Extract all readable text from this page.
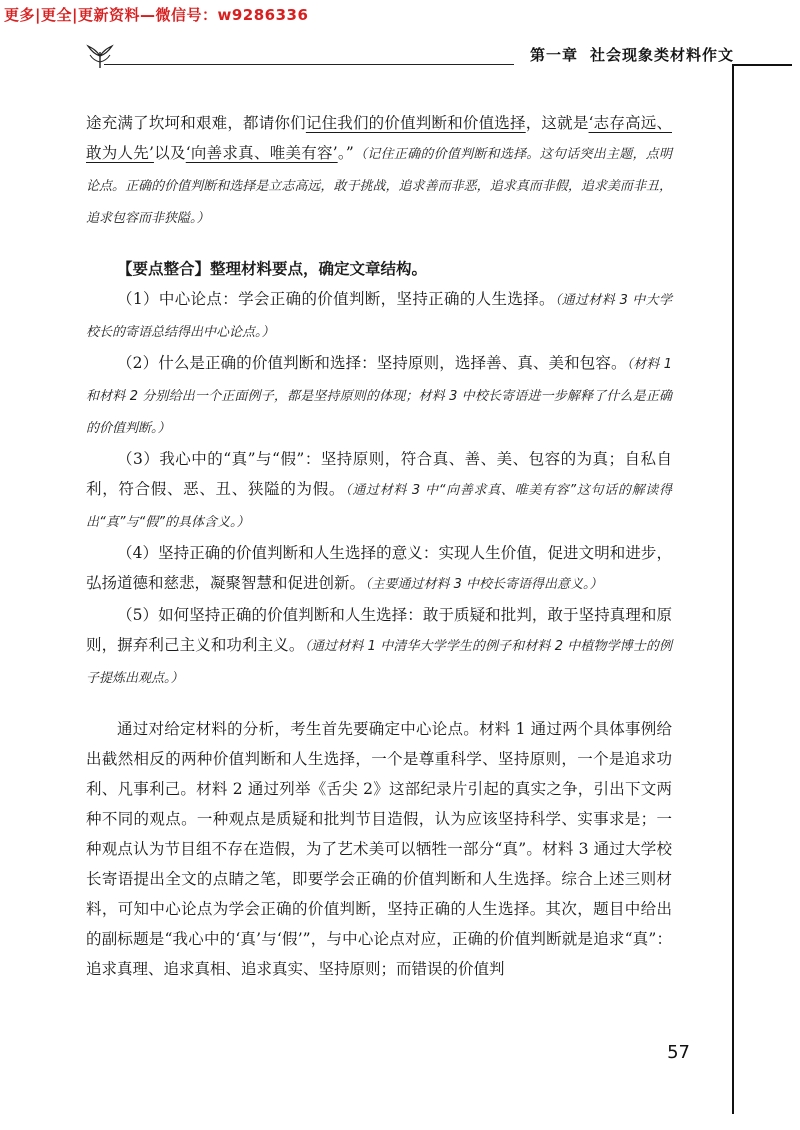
更多|更全|更新资料—微信号：w9286336
第一章 社会现象类材料作文

途充满了坎坷和艰难，都请你们记住我们的价值判断和价值选择，这就是‘志存高远、敢为人先’以及‘向善求真、唯美有容’。”（记住正确的价值判断和选择。这句话突出主题，点明论点。正确的价值判断和选择是立志高远，敢于挑战，追求善而非恶，追求真而非假，追求美而非丑，追求包容而非狭隘。）

【要点整合】整理材料要点，确定文章结构。

（1）中心论点：学会正确的价值判断，坚持正确的人生选择。（通过材料 3 中大学校长的寄语总结得出中心论点。）

（2）什么是正确的价值判断和选择：坚持原则，选择善、真、美和包容。（材料 1 和材料 2 分别给出一个正面例子，都是坚持原则的体现；材料 3 中校长寄语进一步解释了什么是正确的价值判断。）

（3）我心中的“真”与“假”：坚持原则，符合真、善、美、包容的为真；自私自利，符合假、恶、丑、狭隘的为假。（通过材料 3 中“向善求真、唯美有容”这句话的解读得出“真”与“假”的具体含义。）

（4）坚持正确的价值判断和人生选择的意义：实现人生价值，促进文明和进步，弘扬道德和慈悲，凝聚智慧和促进创新。（主要通过材料 3 中校长寄语得出意义。）

（5）如何坚持正确的价值判断和人生选择：敢于质疑和批判，敢于坚持真理和原则，摒弃利己主义和功利主义。（通过材料 1 中清华大学学生的例子和材料 2 中植物学博士的例子提炼出观点。）

通过对给定材料的分析，考生首先要确定中心论点。材料 1 通过两个具体事例给出截然相反的两种价值判断和人生选择，一个是尊重科学、坚持原则，一个是追求功利、凡事利己。材料 2 通过列举《舌尖 2》这部纪录片引起的真实之争，引出下文两种不同的观点。一种观点是质疑和批判节目造假，认为应该坚持科学、实事求是；一种观点认为节目组不存在造假，为了艺术美可以牺牲一部分“真”。材料 3 通过大学校长寄语提出全文的点睛之笔，即要学会正确的价值判断和人生选择。综合上述三则材料，可知中心论点为学会正确的价值判断，坚持正确的人生选择。其次，题目中给出的副标题是“我心中的‘真’与‘假’”，与中心论点对应，正确的价值判断就是追求“真”：追求真理、追求真相、追求真实、坚持原则；而错误的价值判

57
